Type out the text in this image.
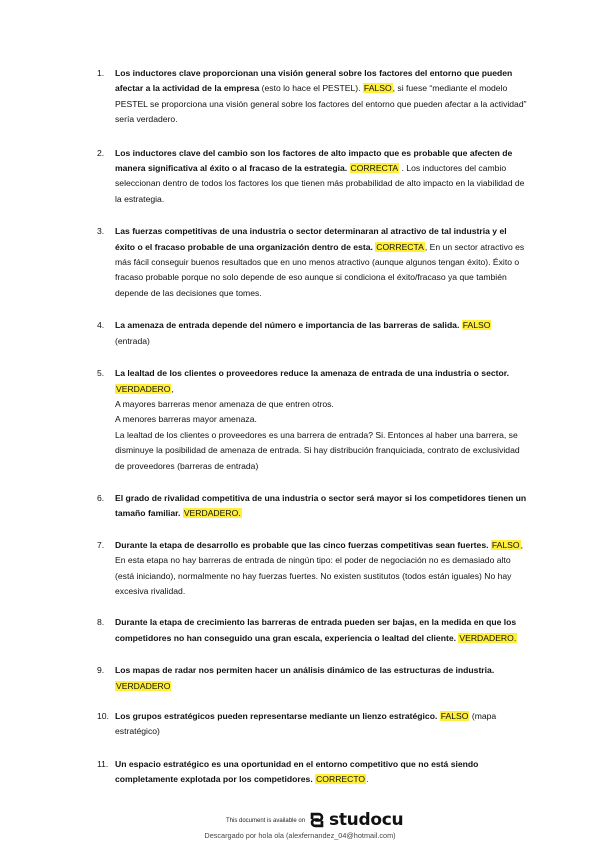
1.	Los inductores clave proporcionan una visión general sobre los factores del entorno que pueden afectar a la actividad de la empresa (esto lo hace el PESTEL). FALSO, si fuese “mediante el modelo PESTEL se proporciona una visión general sobre los factores del entorno que pueden afectar a la actividad” sería verdadero.
2.	Los inductores clave del cambio son los factores de alto impacto que es probable que afecten de manera significativa al éxito o al fracaso de la estrategia. CORRECTA . Los inductores del cambio seleccionan dentro de todos los factores los que tienen más probabilidad de alto impacto en la viabilidad de la estrategia.
3.	Las fuerzas competitivas de una industria o sector determinaran al atractivo de tal industria y el éxito o el fracaso probable de una organización dentro de esta. CORRECTA, En un sector atractivo es más fácil conseguir buenos resultados que en uno menos atractivo (aunque algunos tengan éxito). Éxito o fracaso probable porque no solo depende de eso aunque si condiciona el éxito/fracaso ya que también depende de las decisiones que tomes.
4.	La amenaza de entrada depende del número e importancia de las barreras de salida. FALSO (entrada)
5.	La lealtad de los clientes o proveedores reduce la amenaza de entrada de una industria o sector. VERDADERO,
A mayores barreras menor amenaza de que entren otros.
A menores barreras mayor amenaza.
La lealtad de los clientes o proveedores es una barrera de entrada? Si. Entonces al haber una barrera, se disminuye la posibilidad de amenaza de entrada. Si hay distribución franquiciada, contrato de exclusividad de proveedores (barreras de entrada)
6.	El grado de rivalidad competitiva de una industria o sector será mayor si los competidores tienen un tamaño familiar. VERDADERO.
7.	Durante la etapa de desarrollo es probable que las cinco fuerzas competitivas sean fuertes. FALSO, En esta etapa no hay barreras de entrada de ningún tipo: el poder de negociación no es demasiado alto (está iniciando), normalmente no hay fuerzas fuertes. No existen sustitutos (todos están iguales) No hay excesiva rivalidad.
8.	Durante la etapa de crecimiento las barreras de entrada pueden ser bajas, en la medida en que los competidores no han conseguido una gran escala, experiencia o lealtad del cliente. VERDADERO.
9.	Los mapas de radar nos permiten hacer un análisis dinámico de las estructuras de industria. VERDADERO
10. Los grupos estratégicos pueden representarse mediante un lienzo estratégico. FALSO (mapa estratégico)
11. Un espacio estratégico es una oportunidad en el entorno competitivo que no está siendo completamente explotada por los competidores. CORRECTO.
This document is available on studocu
Descargado por hola ola (alexfernandez_04@hotmail.com)
